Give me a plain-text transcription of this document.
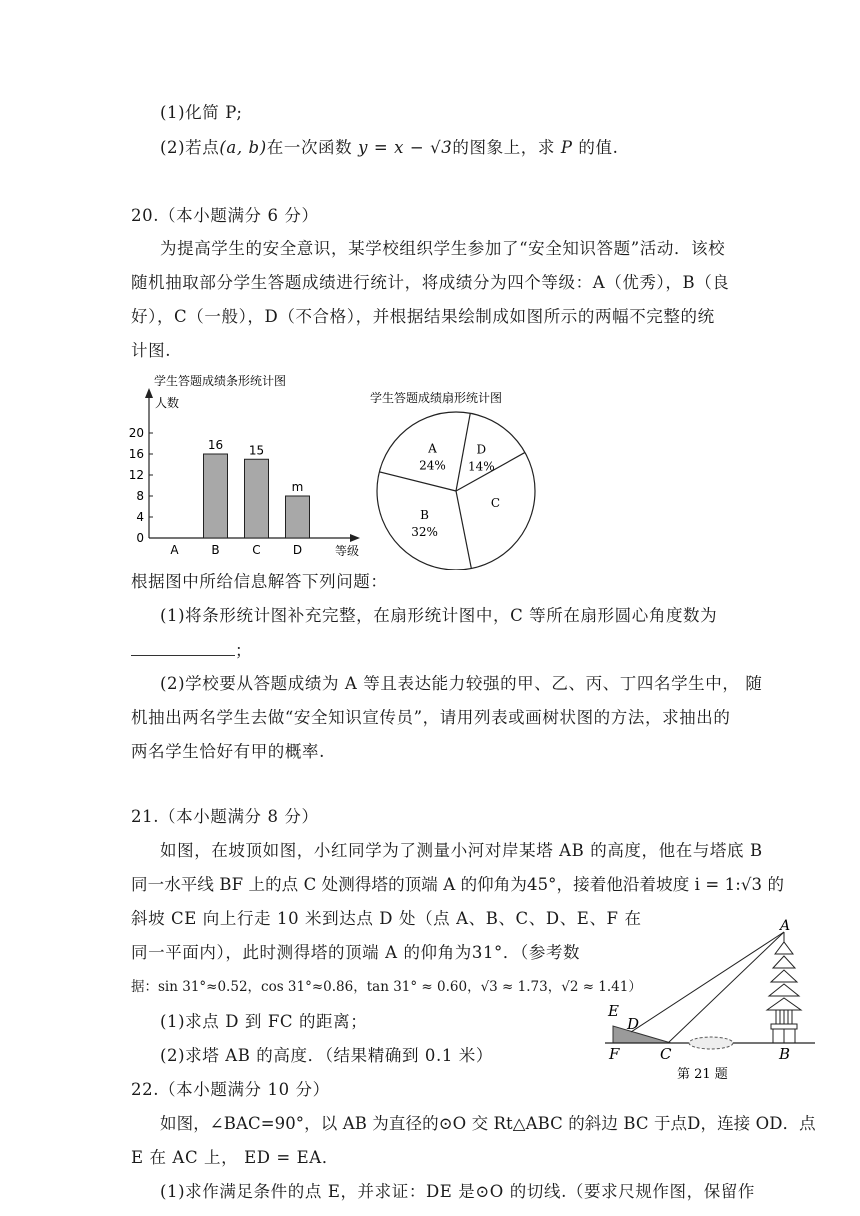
(1)化简 P;
(2)若点(a, b)在一次函数 y = x − √3的图象上，求 P 的值.
20.（本小题满分 6 分）
为提高学生的安全意识，某学校组织学生参加了“安全知识答题”活动．该校
随机抽取部分学生答题成绩进行统计，将成绩分为四个等级：A（优秀），B（良
好），C（一般），D（不合格），并根据结果绘制成如图所示的两幅不完整的统
计图.
学生答题成绩条形统计图
人数
等级
0
4
8
12
16
20
A
16
B
15
C
m
D
学生答题成绩扇形统计图
A
24%
D
14%
C
B
32%
根据图中所给信息解答下列问题：
(1)将条形统计图补充完整，在扇形统计图中，C 等所在扇形圆心角度数为
；
(2)学校要从答题成绩为 A 等且表达能力较强的甲、乙、丙、丁四名学生中， 随
机抽出两名学生去做“安全知识宣传员”，请用列表或画树状图的方法，求抽出的
两名学生恰好有甲的概率.
21.（本小题满分 8 分）
如图，在坡顶如图，小红同学为了测量小河对岸某塔 AB 的高度，他在与塔底 B
同一水平线 BF 上的点 C 处测得塔的顶端 A 的仰角为45°，接着他沿着坡度 i = 1:√3 的
斜坡 CE 向上行走 10 米到达点 D 处（点 A、B、C、D、E、F 在
同一平面内），此时测得塔的顶端 A 的仰角为31°．（参考数
据：sin 31°≈0.52，cos 31°≈0.86，tan 31° ≈ 0.60，√3 ≈ 1.73，√2 ≈ 1.41）
(1)求点 D 到 FC 的距离；
(2)求塔 AB 的高度．（结果精确到 0.1 米）
A
E
D
F	C	B
第 21 题
22.（本小题满分 10 分）
如图，∠BAC=90°，以 AB 为直径的⊙O 交 Rt△ABC 的斜边 BC 于点D，连接 OD．点
E 在 AC 上， ED = EA．
(1)求作满足条件的点 E，并求证：DE 是⊙O 的切线.（要求尺规作图，保留作
